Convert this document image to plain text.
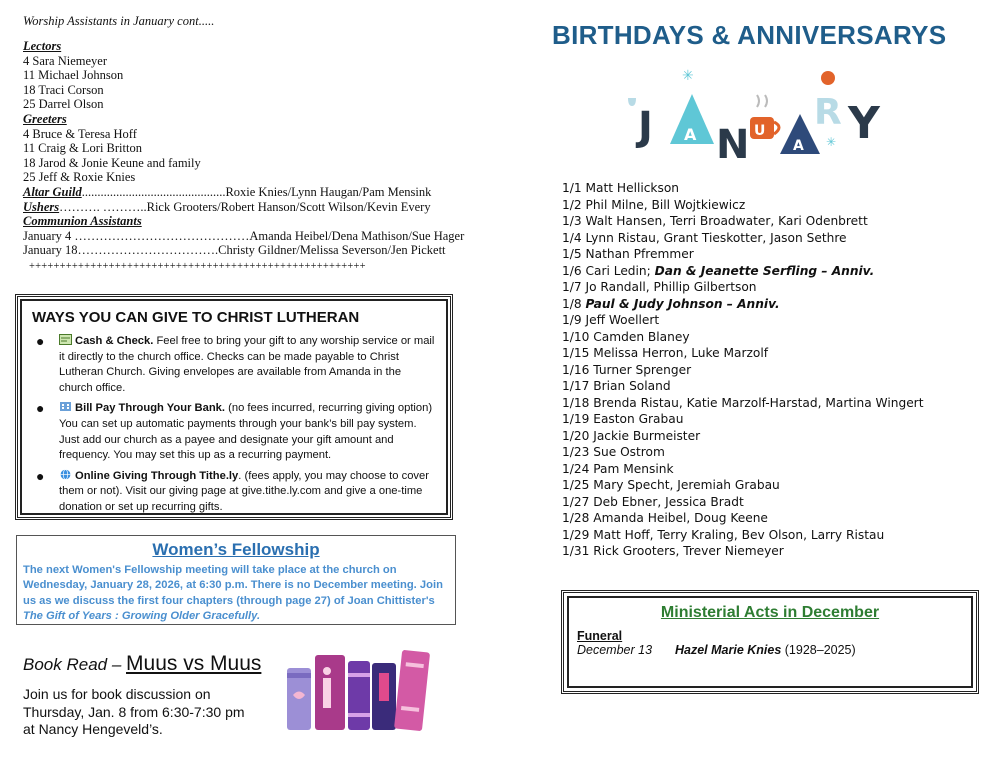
Worship Assistants in January cont.....
Lectors
4 Sara Niemeyer
11 Michael Johnson
18 Traci Corson
25 Darrel Olson
Greeters
4 Bruce & Teresa Hoff
11 Craig & Lori Britton
18 Jarod & Jonie Keune and family
25 Jeff & Roxie Knies
Altar Guild..............................................Roxie Knies/Lynn Haugan/Pam Mensink
Ushers………. ………..Rick Grooters/Robert Hanson/Scott Wilson/Kevin Every
Communion Assistants
January 4 ……………………………………Amanda Heibel/Dena Mathison/Sue Hager
January 18…………………………….Christy Gildner/Melissa Severson/Jen Pickett
+++++++++++++++++++++++++++++++++++++++++++++++++++++++
WAYS YOU CAN GIVE TO CHRIST LUTHERAN
●	Cash & Check. Feel free to bring your gift to any worship service or mail it directly to the church office. Checks can be made payable to Christ Lutheran Church. Giving envelopes are available from Amanda in the church office.
●	Bill Pay Through Your Bank. (no fees incurred, recurring giving option) You can set up automatic payments through your bank’s bill pay system. Just add our church as a payee and designate your gift amount and frequency. You may set this up as a recurring payment.
●	Online Giving Through Tithe.ly. (fees apply, you may choose to cover them or not). Visit our giving page at give.tithe.ly.com and give a one-time donation or set up recurring gifts.
Women’s Fellowship
The next Women's Fellowship meeting will take place at the church on Wednesday, January 28, 2026, at 6:30 p.m. There is no December meeting. Join us as we discuss the first four chapters (through page 27) of Joan Chittister's The Gift of Years : Growing Older Gracefully.
Book Read – Muus vs Muus
Join us for book discussion on
Thursday, Jan. 8 from 6:30-7:30 pm
at Nancy Hengeveld’s.
BIRTHDAYS & ANNIVERSARYS
J A N U
A
R Y
✳
✳
1/1 Matt Hellickson
1/2 Phil Milne, Bill Wojtkiewicz
1/3 Walt Hansen, Terri Broadwater, Kari Odenbrett
1/4 Lynn Ristau, Grant Tieskotter, Jason Sethre
1/5 Nathan Pfremmer
1/6 Cari Ledin; Dan & Jeanette Serfling – Anniv.
1/7 Jo Randall, Phillip Gilbertson
1/8 Paul & Judy Johnson – Anniv.
1/9 Jeff Woellert
1/10 Camden Blaney
1/15 Melissa Herron, Luke Marzolf
1/16 Turner Sprenger
1/17 Brian Soland
1/18 Brenda Ristau, Katie Marzolf-Harstad, Martina Wingert
1/19 Easton Grabau
1/20 Jackie Burmeister
1/23 Sue Ostrom
1/24 Pam Mensink
1/25 Mary Specht, Jeremiah Grabau
1/27 Deb Ebner, Jessica Bradt
1/28 Amanda Heibel, Doug Keene
1/29 Matt Hoff, Terry Kraling, Bev Olson, Larry Ristau
1/31 Rick Grooters, Trever Niemeyer
Ministerial Acts in December
Funeral
December 13 Hazel Marie Knies (1928–2025)
